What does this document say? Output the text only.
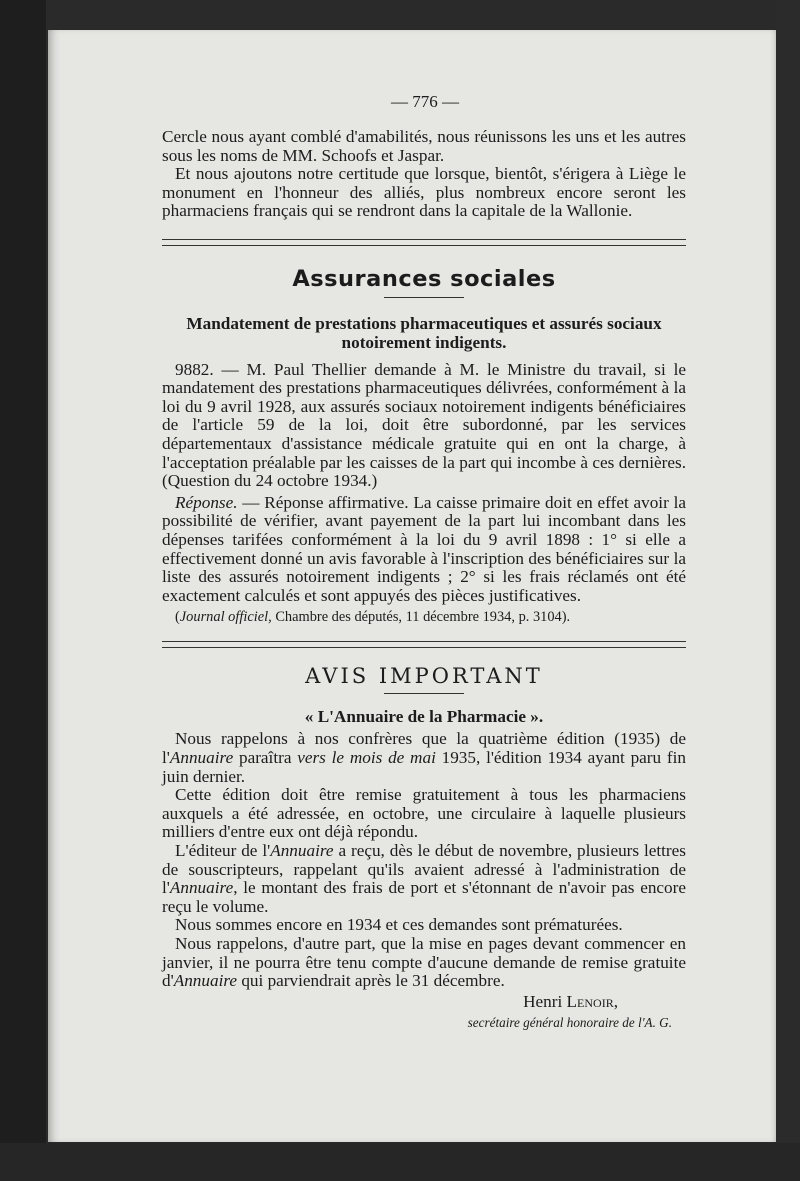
— 776 —

Cercle nous ayant comblé d'amabilités, nous réunissons les uns et les autres sous les noms de MM. Schoofs et Jaspar.

Et nous ajoutons notre certitude que lorsque, bientôt, s'érigera à Liège le monument en l'honneur des alliés, plus nombreux encore seront les pharmaciens français qui se rendront dans la capitale de la Wallonie.

Assurances sociales
Mandatement de prestations pharmaceutiques et assurés sociaux notoirement indigents.

9882. — M. Paul Thellier demande à M. le Ministre du travail, si le mandatement des prestations pharmaceutiques délivrées, conformément à la loi du 9 avril 1928, aux assurés sociaux notoirement indigents bénéficiaires de l'article 59 de la loi, doit être subordonné, par les services départementaux d'assistance médicale gratuite qui en ont la charge, à l'acceptation préalable par les caisses de la part qui incombe à ces dernières. (Question du 24 octobre 1934.)

Réponse. — Réponse affirmative. La caisse primaire doit en effet avoir la possibilité de vérifier, avant payement de la part lui incombant dans les dépenses tarifées conformément à la loi du 9 avril 1898 : 1° si elle a effectivement donné un avis favorable à l'inscription des bénéficiaires sur la liste des assurés notoirement indigents ; 2° si les frais réclamés ont été exactement calculés et sont appuyés des pièces justificatives.

(Journal officiel, Chambre des députés, 11 décembre 1934, p. 3104).

AVIS IMPORTANT
« L'Annuaire de la Pharmacie ».

Nous rappelons à nos confrères que la quatrième édition (1935) de l'Annuaire paraîtra vers le mois de mai 1935, l'édition 1934 ayant paru fin juin dernier.

Cette édition doit être remise gratuitement à tous les pharmaciens auxquels a été adressée, en octobre, une circulaire à laquelle plusieurs milliers d'entre eux ont déjà répondu.

L'éditeur de l'Annuaire a reçu, dès le début de novembre, plusieurs lettres de souscripteurs, rappelant qu'ils avaient adressé à l'administration de l'Annuaire, le montant des frais de port et s'étonnant de n'avoir pas encore reçu le volume.

Nous sommes encore en 1934 et ces demandes sont prématurées.

Nous rappelons, d'autre part, que la mise en pages devant commencer en janvier, il ne pourra être tenu compte d'aucune demande de remise gratuite d'Annuaire qui parviendrait après le 31 décembre.

Henri Lenoir,
secrétaire général honoraire de l'A. G.
